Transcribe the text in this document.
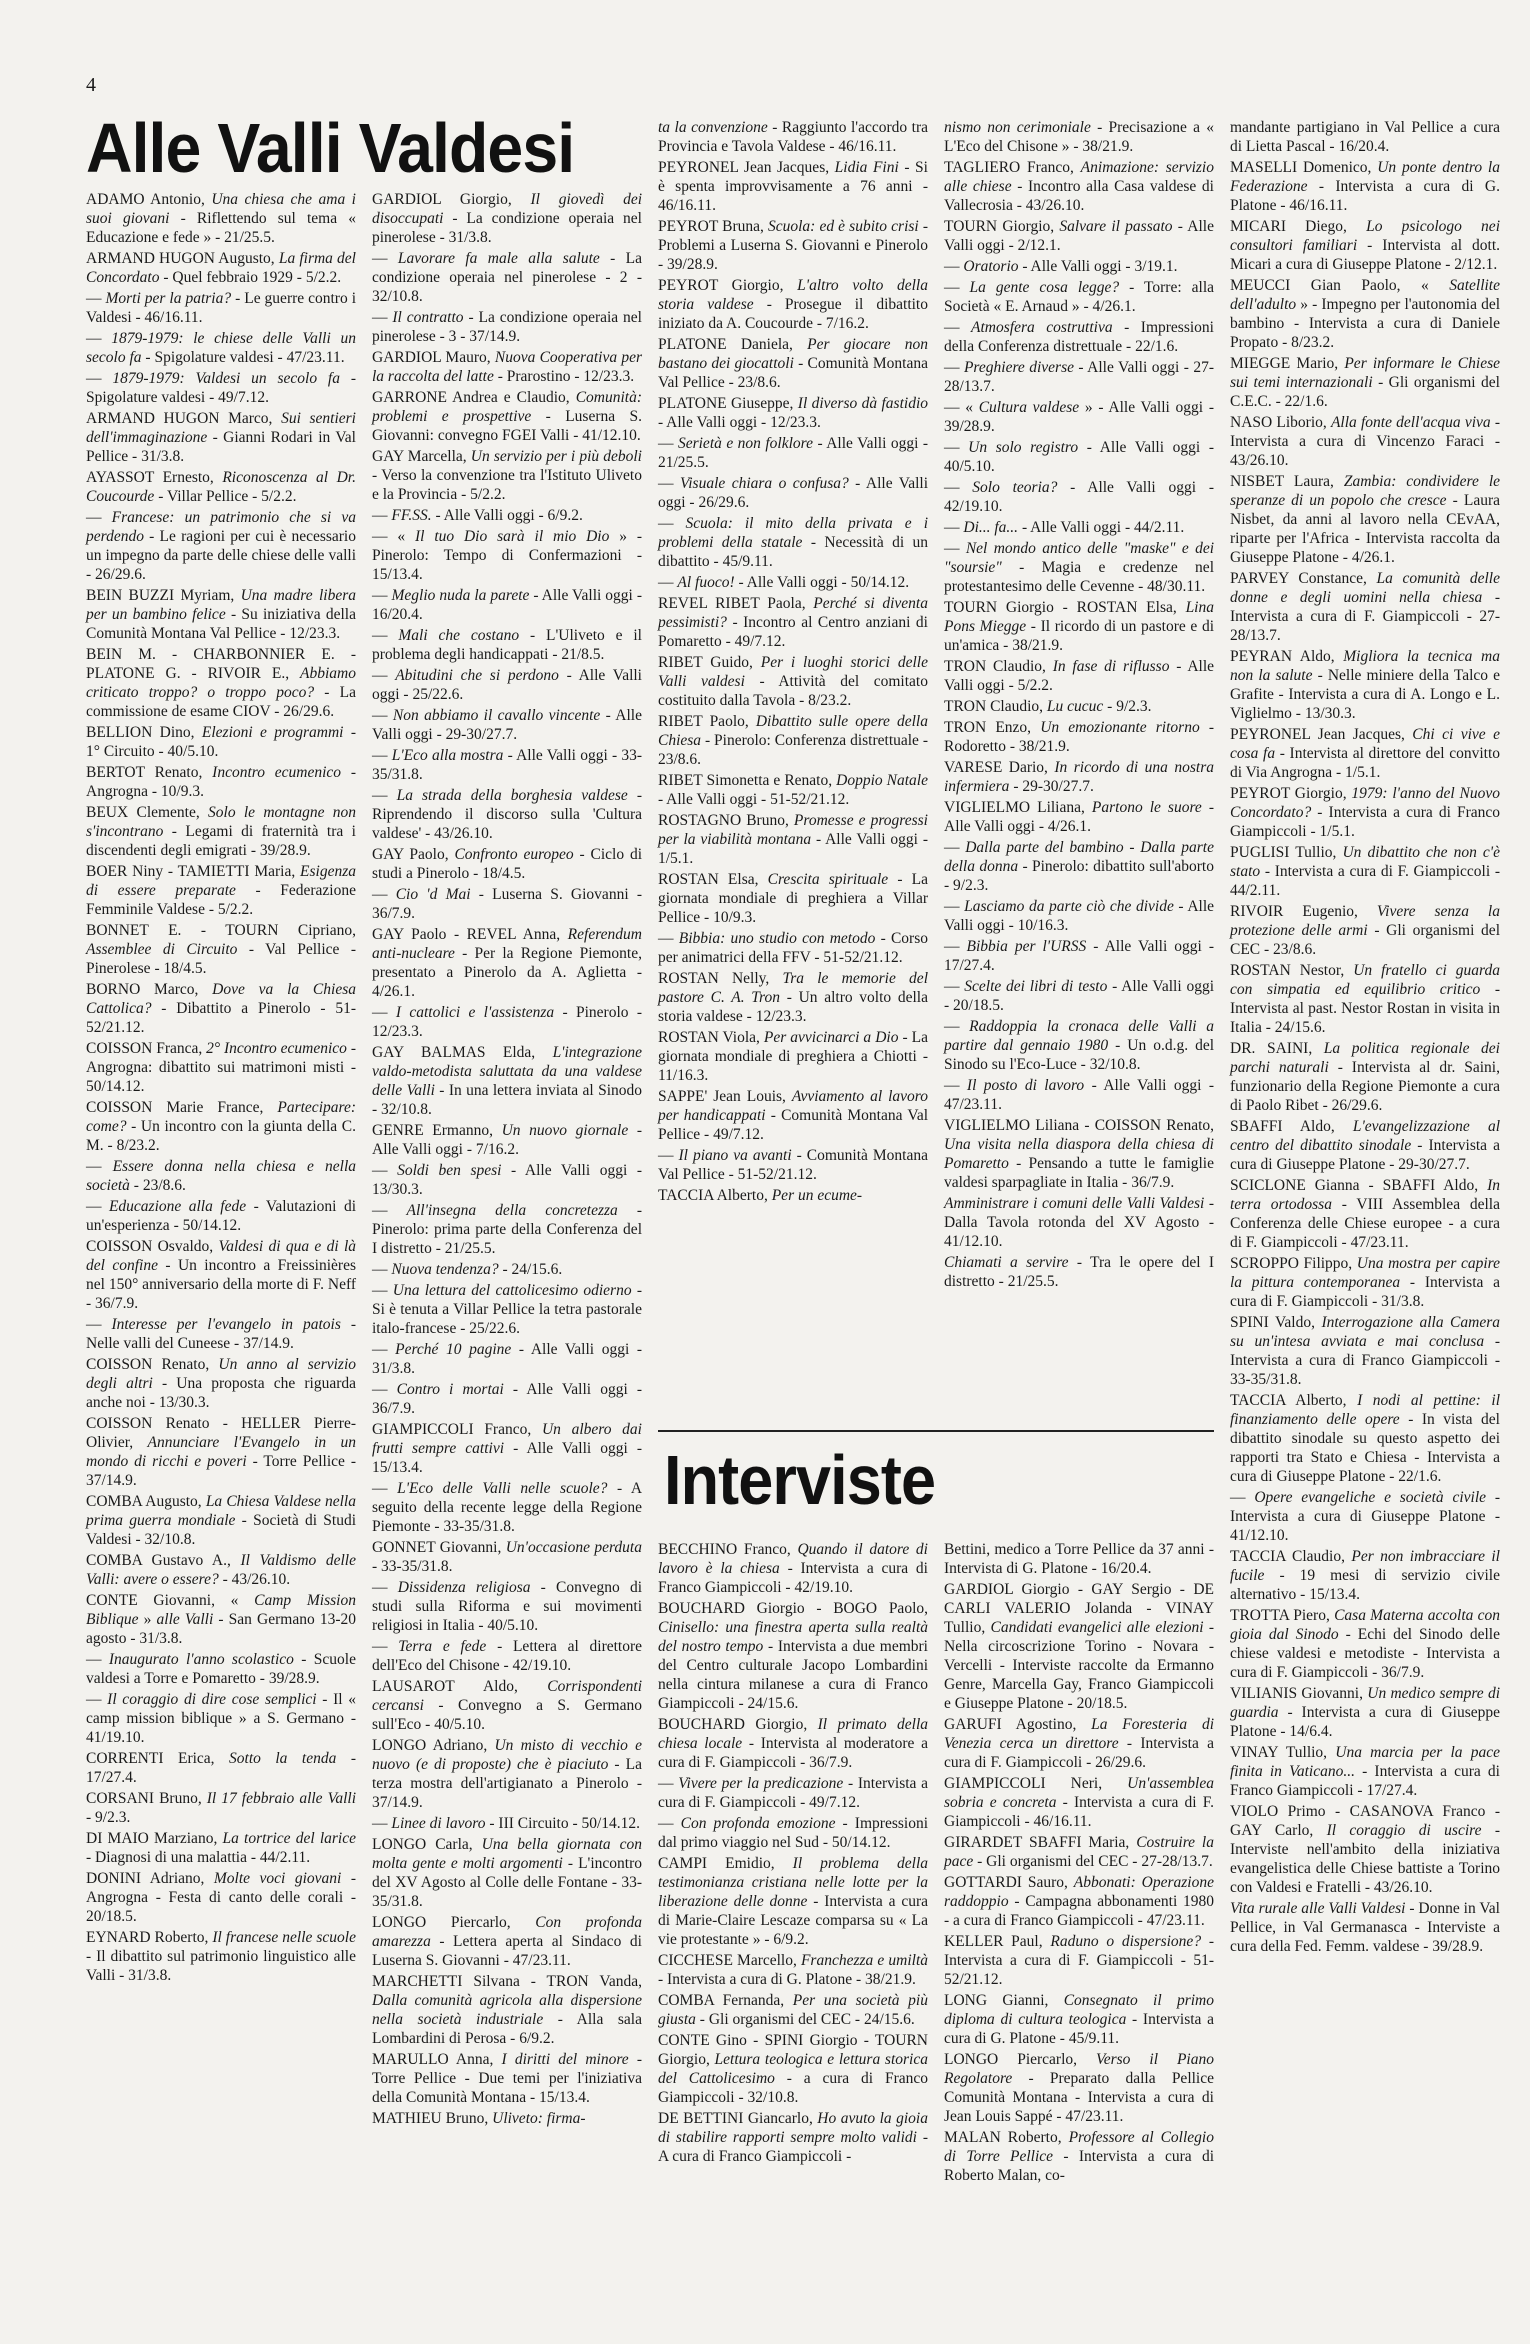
4
Alle Valli Valdesi

ADAMO Antonio, Una chiesa che ama i suoi giovani - Riflettendo sul tema « Educazione e fede » - 21/25.5.

ARMAND HUGON Augusto, La firma del Concordato - Quel febbraio 1929 - 5/2.2.

— Morti per la patria? - Le guerre contro i Valdesi - 46/16.11.

— 1879-1979: le chiese delle Valli un secolo fa - Spigolature valdesi - 47/23.11.

— 1879-1979: Valdesi un secolo fa - Spigolature valdesi - 49/7.12.

ARMAND HUGON Marco, Sui sentieri dell'immaginazione - Gianni Rodari in Val Pellice - 31/3.8.

AYASSOT Ernesto, Riconoscenza al Dr. Coucourde - Villar Pellice - 5/2.2.

— Francese: un patrimonio che si va perdendo - Le ragioni per cui è necessario un impegno da parte delle chiese delle valli - 26/29.6.

BEIN BUZZI Myriam, Una madre libera per un bambino felice - Su iniziativa della Comunità Montana Val Pellice - 12/23.3.

BEIN M. - CHARBONNIER E. - PLATONE G. - RIVOIR E., Abbiamo criticato troppo? o troppo poco? - La commissione de esame CIOV - 26/29.6.

BELLION Dino, Elezioni e programmi - 1° Circuito - 40/5.10.

BERTOT Renato, Incontro ecumenico - Angrogna - 10/9.3.

BEUX Clemente, Solo le montagne non s'incontrano - Legami di fraternità tra i discendenti degli emigrati - 39/28.9.

BOER Niny - TAMIETTI Maria, Esigenza di essere preparate - Federazione Femminile Valdese - 5/2.2.

BONNET E. - TOURN Cipriano, Assemblee di Circuito - Val Pellice - Pinerolese - 18/4.5.

BORNO Marco, Dove va la Chiesa Cattolica? - Dibattito a Pinerolo - 51-52/21.12.

COISSON Franca, 2° Incontro ecumenico - Angrogna: dibattito sui matrimoni misti - 50/14.12.

COISSON Marie France, Partecipare: come? - Un incontro con la giunta della C. M. - 8/23.2.

— Essere donna nella chiesa e nella società - 23/8.6.

— Educazione alla fede - Valutazioni di un'esperienza - 50/14.12.

COISSON Osvaldo, Valdesi di qua e di là del confine - Un incontro a Freissinières nel 150° anniversario della morte di F. Neff - 36/7.9.

— Interesse per l'evangelo in patois - Nelle valli del Cuneese - 37/14.9.

COISSON Renato, Un anno al servizio degli altri - Una proposta che riguarda anche noi - 13/30.3.

COISSON Renato - HELLER Pierre-Olivier, Annunciare l'Evangelo in un mondo di ricchi e poveri - Torre Pellice - 37/14.9.

COMBA Augusto, La Chiesa Valdese nella prima guerra mondiale - Società di Studi Valdesi - 32/10.8.

COMBA Gustavo A., Il Valdismo delle Valli: avere o essere? - 43/26.10.

CONTE Giovanni, « Camp Mission Biblique » alle Valli - San Germano 13-20 agosto - 31/3.8.

— Inaugurato l'anno scolastico - Scuole valdesi a Torre e Pomaretto - 39/28.9.

— Il coraggio di dire cose semplici - Il « camp mission biblique » a S. Germano - 41/19.10.

CORRENTI Erica, Sotto la tenda - 17/27.4.

CORSANI Bruno, Il 17 febbraio alle Valli - 9/2.3.

DI MAIO Marziano, La tortrice del larice - Diagnosi di una malattia - 44/2.11.

DONINI Adriano, Molte voci giovani - Angrogna - Festa di canto delle corali - 20/18.5.

EYNARD Roberto, Il francese nelle scuole - Il dibattito sul patrimonio linguistico alle Valli - 31/3.8.

GARDIOL Giorgio, Il giovedì dei disoccupati - La condizione operaia nel pinerolese - 31/3.8.

— Lavorare fa male alla salute - La condizione operaia nel pinerolese - 2 - 32/10.8.

— Il contratto - La condizione operaia nel pinerolese - 3 - 37/14.9.

GARDIOL Mauro, Nuova Cooperativa per la raccolta del latte - Prarostino - 12/23.3.

GARRONE Andrea e Claudio, Comunità: problemi e prospettive - Luserna S. Giovanni: convegno FGEI Valli - 41/12.10.

GAY Marcella, Un servizio per i più deboli - Verso la convenzione tra l'Istituto Uliveto e la Provincia - 5/2.2.

— FF.SS. - Alle Valli oggi - 6/9.2.

— « Il tuo Dio sarà il mio Dio » - Pinerolo: Tempo di Confermazioni - 15/13.4.

— Meglio nuda la parete - Alle Valli oggi - 16/20.4.

— Mali che costano - L'Uliveto e il problema degli handicappati - 21/8.5.

— Abitudini che si perdono - Alle Valli oggi - 25/22.6.

— Non abbiamo il cavallo vincente - Alle Valli oggi - 29-30/27.7.

— L'Eco alla mostra - Alle Valli oggi - 33-35/31.8.

— La strada della borghesia valdese - Riprendendo il discorso sulla 'Cultura valdese' - 43/26.10.

GAY Paolo, Confronto europeo - Ciclo di studi a Pinerolo - 18/4.5.

— Cio 'd Mai - Luserna S. Giovanni - 36/7.9.

GAY Paolo - REVEL Anna, Referendum anti-nucleare - Per la Regione Piemonte, presentato a Pinerolo da A. Aglietta - 4/26.1.

— I cattolici e l'assistenza - Pinerolo - 12/23.3.

GAY BALMAS Elda, L'integrazione valdo-metodista saluttata da una valdese delle Valli - In una lettera inviata al Sinodo - 32/10.8.

GENRE Ermanno, Un nuovo giornale - Alle Valli oggi - 7/16.2.

— Soldi ben spesi - Alle Valli oggi - 13/30.3.

— All'insegna della concretezza - Pinerolo: prima parte della Conferenza del I distretto - 21/25.5.

— Nuova tendenza? - 24/15.6.

— Una lettura del cattolicesimo odierno - Si è tenuta a Villar Pellice la tetra pastorale italo-francese - 25/22.6.

— Perché 10 pagine - Alle Valli oggi - 31/3.8.

— Contro i mortai - Alle Valli oggi - 36/7.9.

GIAMPICCOLI Franco, Un albero dai frutti sempre cattivi - Alle Valli oggi - 15/13.4.

— L'Eco delle Valli nelle scuole? - A seguito della recente legge della Regione Piemonte - 33-35/31.8.

GONNET Giovanni, Un'occasione perduta - 33-35/31.8.

— Dissidenza religiosa - Convegno di studi sulla Riforma e sui movimenti religiosi in Italia - 40/5.10.

— Terra e fede - Lettera al direttore dell'Eco del Chisone - 42/19.10.

LAUSAROT Aldo, Corrispondenti cercansi - Convegno a S. Germano sull'Eco - 40/5.10.

LONGO Adriano, Un misto di vecchio e nuovo (e di proposte) che è piaciuto - La terza mostra dell'artigianato a Pinerolo - 37/14.9.

— Linee di lavoro - III Circuito - 50/14.12.

LONGO Carla, Una bella giornata con molta gente e molti argomenti - L'incontro del XV Agosto al Colle delle Fontane - 33-35/31.8.

LONGO Piercarlo, Con profonda amarezza - Lettera aperta al Sindaco di Luserna S. Giovanni - 47/23.11.

MARCHETTI Silvana - TRON Vanda, Dalla comunità agricola alla dispersione nella società industriale - Alla sala Lombardini di Perosa - 6/9.2.

MARULLO Anna, I diritti del minore - Torre Pellice - Due temi per l'iniziativa della Comunità Montana - 15/13.4.

MATHIEU Bruno, Uliveto: firma-

ta la convenzione - Raggiunto l'accordo tra Provincia e Tavola Valdese - 46/16.11.

PEYRONEL Jean Jacques, Lidia Fini - Si è spenta improvvisamente a 76 anni - 46/16.11.

PEYROT Bruna, Scuola: ed è subito crisi - Problemi a Luserna S. Giovanni e Pinerolo - 39/28.9.

PEYROT Giorgio, L'altro volto della storia valdese - Prosegue il dibattito iniziato da A. Coucourde - 7/16.2.

PLATONE Daniela, Per giocare non bastano dei giocattoli - Comunità Montana Val Pellice - 23/8.6.

PLATONE Giuseppe, Il diverso dà fastidio - Alle Valli oggi - 12/23.3.

— Serietà e non folklore - Alle Valli oggi - 21/25.5.

— Visuale chiara o confusa? - Alle Valli oggi - 26/29.6.

— Scuola: il mito della privata e i problemi della statale - Necessità di un dibattito - 45/9.11.

— Al fuoco! - Alle Valli oggi - 50/14.12.

REVEL RIBET Paola, Perché si diventa pessimisti? - Incontro al Centro anziani di Pomaretto - 49/7.12.

RIBET Guido, Per i luoghi storici delle Valli valdesi - Attività del comitato costituito dalla Tavola - 8/23.2.

RIBET Paolo, Dibattito sulle opere della Chiesa - Pinerolo: Conferenza distrettuale - 23/8.6.

RIBET Simonetta e Renato, Doppio Natale - Alle Valli oggi - 51-52/21.12.

ROSTAGNO Bruno, Promesse e progressi per la viabilità montana - Alle Valli oggi - 1/5.1.

ROSTAN Elsa, Crescita spirituale - La giornata mondiale di preghiera a Villar Pellice - 10/9.3.

— Bibbia: uno studio con metodo - Corso per animatrici della FFV - 51-52/21.12.

ROSTAN Nelly, Tra le memorie del pastore C. A. Tron - Un altro volto della storia valdese - 12/23.3.

ROSTAN Viola, Per avvicinarci a Dio - La giornata mondiale di preghiera a Chiotti - 11/16.3.

SAPPE' Jean Louis, Avviamento al lavoro per handicappati - Comunità Montana Val Pellice - 49/7.12.

— Il piano va avanti - Comunità Montana Val Pellice - 51-52/21.12.

TACCIA Alberto, Per un ecume-

Interviste

BECCHINO Franco, Quando il datore di lavoro è la chiesa - Intervista a cura di Franco Giampiccoli - 42/19.10.

BOUCHARD Giorgio - BOGO Paolo, Cinisello: una finestra aperta sulla realtà del nostro tempo - Intervista a due membri del Centro culturale Jacopo Lombardini nella cintura milanese a cura di Franco Giampiccoli - 24/15.6.

BOUCHARD Giorgio, Il primato della chiesa locale - Intervista al moderatore a cura di F. Giampiccoli - 36/7.9.

— Vivere per la predicazione - Intervista a cura di F. Giampiccoli - 49/7.12.

— Con profonda emozione - Impressioni dal primo viaggio nel Sud - 50/14.12.

CAMPI Emidio, Il problema della testimonianza cristiana nelle lotte per la liberazione delle donne - Intervista a cura di Marie-Claire Lescaze comparsa su « La vie protestante » - 6/9.2.

CICCHESE Marcello, Franchezza e umiltà - Intervista a cura di G. Platone - 38/21.9.

COMBA Fernanda, Per una società più giusta - Gli organismi del CEC - 24/15.6.

CONTE Gino - SPINI Giorgio - TOURN Giorgio, Lettura teologica e lettura storica del Cattolicesimo - a cura di Franco Giampiccoli - 32/10.8.

DE BETTINI Giancarlo, Ho avuto la gioia di stabilire rapporti sempre molto validi - A cura di Franco Giampiccoli -

nismo non cerimoniale - Precisazione a « L'Eco del Chisone » - 38/21.9.

TAGLIERO Franco, Animazione: servizio alle chiese - Incontro alla Casa valdese di Vallecrosia - 43/26.10.

TOURN Giorgio, Salvare il passato - Alle Valli oggi - 2/12.1.

— Oratorio - Alle Valli oggi - 3/19.1.

— La gente cosa legge? - Torre: alla Società « E. Arnaud » - 4/26.1.

— Atmosfera costruttiva - Impressioni della Conferenza distrettuale - 22/1.6.

— Preghiere diverse - Alle Valli oggi - 27-28/13.7.

— « Cultura valdese » - Alle Valli oggi - 39/28.9.

— Un solo registro - Alle Valli oggi - 40/5.10.

— Solo teoria? - Alle Valli oggi - 42/19.10.

— Di... fa... - Alle Valli oggi - 44/2.11.

— Nel mondo antico delle "maske" e dei "soursie" - Magia e credenze nel protestantesimo delle Cevenne - 48/30.11.

TOURN Giorgio - ROSTAN Elsa, Lina Pons Miegge - Il ricordo di un pastore e di un'amica - 38/21.9.

TRON Claudio, In fase di riflusso - Alle Valli oggi - 5/2.2.

TRON Claudio, Lu cucuc - 9/2.3.

TRON Enzo, Un emozionante ritorno - Rodoretto - 38/21.9.

VARESE Dario, In ricordo di una nostra infermiera - 29-30/27.7.

VIGLIELMO Liliana, Partono le suore - Alle Valli oggi - 4/26.1.

— Dalla parte del bambino - Dalla parte della donna - Pinerolo: dibattito sull'aborto - 9/2.3.

— Lasciamo da parte ciò che divide - Alle Valli oggi - 10/16.3.

— Bibbia per l'URSS - Alle Valli oggi - 17/27.4.

— Scelte dei libri di testo - Alle Valli oggi - 20/18.5.

— Raddoppia la cronaca delle Valli a partire dal gennaio 1980 - Un o.d.g. del Sinodo su l'Eco-Luce - 32/10.8.

— Il posto di lavoro - Alle Valli oggi - 47/23.11.

VIGLIELMO Liliana - COISSON Renato, Una visita nella diaspora della chiesa di Pomaretto - Pensando a tutte le famiglie valdesi sparpagliate in Italia - 36/7.9.

Amministrare i comuni delle Valli Valdesi - Dalla Tavola rotonda del XV Agosto - 41/12.10.

Chiamati a servire - Tra le opere del I distretto - 21/25.5.

Bettini, medico a Torre Pellice da 37 anni - Intervista di G. Platone - 16/20.4.

GARDIOL Giorgio - GAY Sergio - DE CARLI VALERIO Jolanda - VINAY Tullio, Candidati evangelici alle elezioni - Nella circoscrizione Torino - Novara - Vercelli - Interviste raccolte da Ermanno Genre, Marcella Gay, Franco Giampiccoli e Giuseppe Platone - 20/18.5.

GARUFI Agostino, La Foresteria di Venezia cerca un direttore - Intervista a cura di F. Giampiccoli - 26/29.6.

GIAMPICCOLI Neri, Un'assemblea sobria e concreta - Intervista a cura di F. Giampiccoli - 46/16.11.

GIRARDET SBAFFI Maria, Costruire la pace - Gli organismi del CEC - 27-28/13.7.

GOTTARDI Sauro, Abbonati: Operazione raddoppio - Campagna abbonamenti 1980 - a cura di Franco Giampiccoli - 47/23.11.

KELLER Paul, Raduno o dispersione? - Intervista a cura di F. Giampiccoli - 51-52/21.12.

LONG Gianni, Consegnato il primo diploma di cultura teologica - Intervista a cura di G. Platone - 45/9.11.

LONGO Piercarlo, Verso il Piano Regolatore - Preparato dalla Pellice Comunità Montana - Intervista a cura di Jean Louis Sappé - 47/23.11.

MALAN Roberto, Professore al Collegio di Torre Pellice - Intervista a cura di Roberto Malan, co-

mandante partigiano in Val Pellice a cura di Lietta Pascal - 16/20.4.

MASELLI Domenico, Un ponte dentro la Federazione - Intervista a cura di G. Platone - 46/16.11.

MICARI Diego, Lo psicologo nei consultori familiari - Intervista al dott. Micari a cura di Giuseppe Platone - 2/12.1.

MEUCCI Gian Paolo, « Satellite dell'adulto » - Impegno per l'autonomia del bambino - Intervista a cura di Daniele Propato - 8/23.2.

MIEGGE Mario, Per informare le Chiese sui temi internazionali - Gli organismi del C.E.C. - 22/1.6.

NASO Liborio, Alla fonte dell'acqua viva - Intervista a cura di Vincenzo Faraci - 43/26.10.

NISBET Laura, Zambia: condividere le speranze di un popolo che cresce - Laura Nisbet, da anni al lavoro nella CEvAA, riparte per l'Africa - Intervista raccolta da Giuseppe Platone - 4/26.1.

PARVEY Constance, La comunità delle donne e degli uomini nella chiesa - Intervista a cura di F. Giampiccoli - 27-28/13.7.

PEYRAN Aldo, Migliora la tecnica ma non la salute - Nelle miniere della Talco e Grafite - Intervista a cura di A. Longo e L. Viglielmo - 13/30.3.

PEYRONEL Jean Jacques, Chi ci vive e cosa fa - Intervista al direttore del convitto di Via Angrogna - 1/5.1.

PEYROT Giorgio, 1979: l'anno del Nuovo Concordato? - Intervista a cura di Franco Giampiccoli - 1/5.1.

PUGLISI Tullio, Un dibattito che non c'è stato - Intervista a cura di F. Giampiccoli - 44/2.11.

RIVOIR Eugenio, Vivere senza la protezione delle armi - Gli organismi del CEC - 23/8.6.

ROSTAN Nestor, Un fratello ci guarda con simpatia ed equilibrio critico - Intervista al past. Nestor Rostan in visita in Italia - 24/15.6.

DR. SAINI, La politica regionale dei parchi naturali - Intervista al dr. Saini, funzionario della Regione Piemonte a cura di Paolo Ribet - 26/29.6.

SBAFFI Aldo, L'evangelizzazione al centro del dibattito sinodale - Intervista a cura di Giuseppe Platone - 29-30/27.7.

SCICLONE Gianna - SBAFFI Aldo, In terra ortodossa - VIII Assemblea della Conferenza delle Chiese europee - a cura di F. Giampiccoli - 47/23.11.

SCROPPO Filippo, Una mostra per capire la pittura contemporanea - Intervista a cura di F. Giampiccoli - 31/3.8.

SPINI Valdo, Interrogazione alla Camera su un'intesa avviata e mai conclusa - Intervista a cura di Franco Giampiccoli - 33-35/31.8.

TACCIA Alberto, I nodi al pettine: il finanziamento delle opere - In vista del dibattito sinodale su questo aspetto dei rapporti tra Stato e Chiesa - Intervista a cura di Giuseppe Platone - 22/1.6.

— Opere evangeliche e società civile - Intervista a cura di Giuseppe Platone - 41/12.10.

TACCIA Claudio, Per non imbracciare il fucile - 19 mesi di servizio civile alternativo - 15/13.4.

TROTTA Piero, Casa Materna accolta con gioia dal Sinodo - Echi del Sinodo delle chiese valdesi e metodiste - Intervista a cura di F. Giampiccoli - 36/7.9.

VILIANIS Giovanni, Un medico sempre di guardia - Intervista a cura di Giuseppe Platone - 14/6.4.

VINAY Tullio, Una marcia per la pace finita in Vaticano... - Intervista a cura di Franco Giampiccoli - 17/27.4.

VIOLO Primo - CASANOVA Franco - GAY Carlo, Il coraggio di uscire - Interviste nell'ambito della iniziativa evangelistica delle Chiese battiste a Torino con Valdesi e Fratelli - 43/26.10.

Vita rurale alle Valli Valdesi - Donne in Val Pellice, in Val Germanasca - Interviste a cura della Fed. Femm. valdese - 39/28.9.
